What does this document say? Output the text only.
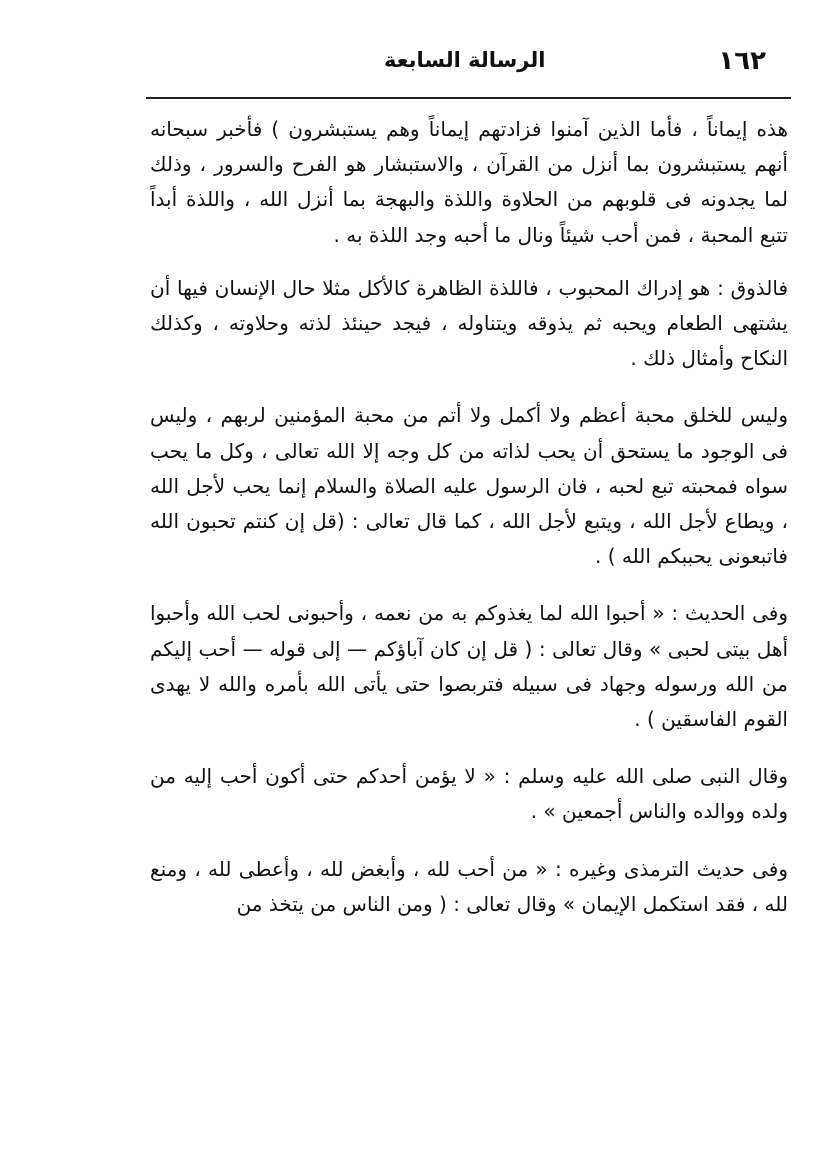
١٦٢
الرسالة السابعة

هذه إيماناً ، فأما الذين آمنوا فزادتهم إيماناً وهم يستبشرون ) فأخبر سبحانه أنهم يستبشرون بما أنزل من القرآن ، والاستبشار هو الفرح والسرور ، وذلك لما يجدونه فى قلوبهم من الحلاوة واللذة والبهجة بما أنزل الله ، واللذة أبداً تتبع المحبة ، فمن أحب شيئاً ونال ما أحبه وجد اللذة به .

فالذوق : هو إدراك المحبوب ، فاللذة الظاهرة كالأكل مثلا حال الإنسان فيها أن يشتهى الطعام ويحبه ثم يذوقه ويتناوله ، فيجد حينئذ لذته وحلاوته ، وكذلك النكاح وأمثال ذلك .

وليس للخلق محبة أعظم ولا أكمل ولا أتم من محبة المؤمنين لربهم ، وليس فى الوجود ما يستحق أن يحب لذاته من كل وجه إلا الله تعالى ، وكل ما يحب سواه فمحبته تبع لحبه ، فان الرسول عليه الصلاة والسلام إنما يحب لأجل الله ، ويطاع لأجل الله ، ويتبع لأجل الله ، كما قال تعالى : (قل إن كنتم تحبون الله فاتبعونى يحببكم الله ) .

وفى الحديث : « أحبوا الله لما يغذوكم به من نعمه ، وأحبونى لحب الله وأحبوا أهل بيتى لحبى » وقال تعالى : ( قل إن كان آباؤكم — إلى قوله — أحب إليكم من الله ورسوله وجهاد فى سبيله فتربصوا حتى يأتى الله بأمره والله لا يهدى القوم الفاسقين ) .

وقال النبى صلى الله عليه وسلم : « لا يؤمن أحدكم حتى أكون أحب إليه من ولده ووالده والناس أجمعين » .

وفى حديث الترمذى وغيره : « من أحب لله ، وأبغض لله ، وأعطى لله ، ومنع لله ، فقد استكمل الإيمان » وقال تعالى : ( ومن الناس من يتخذ من
